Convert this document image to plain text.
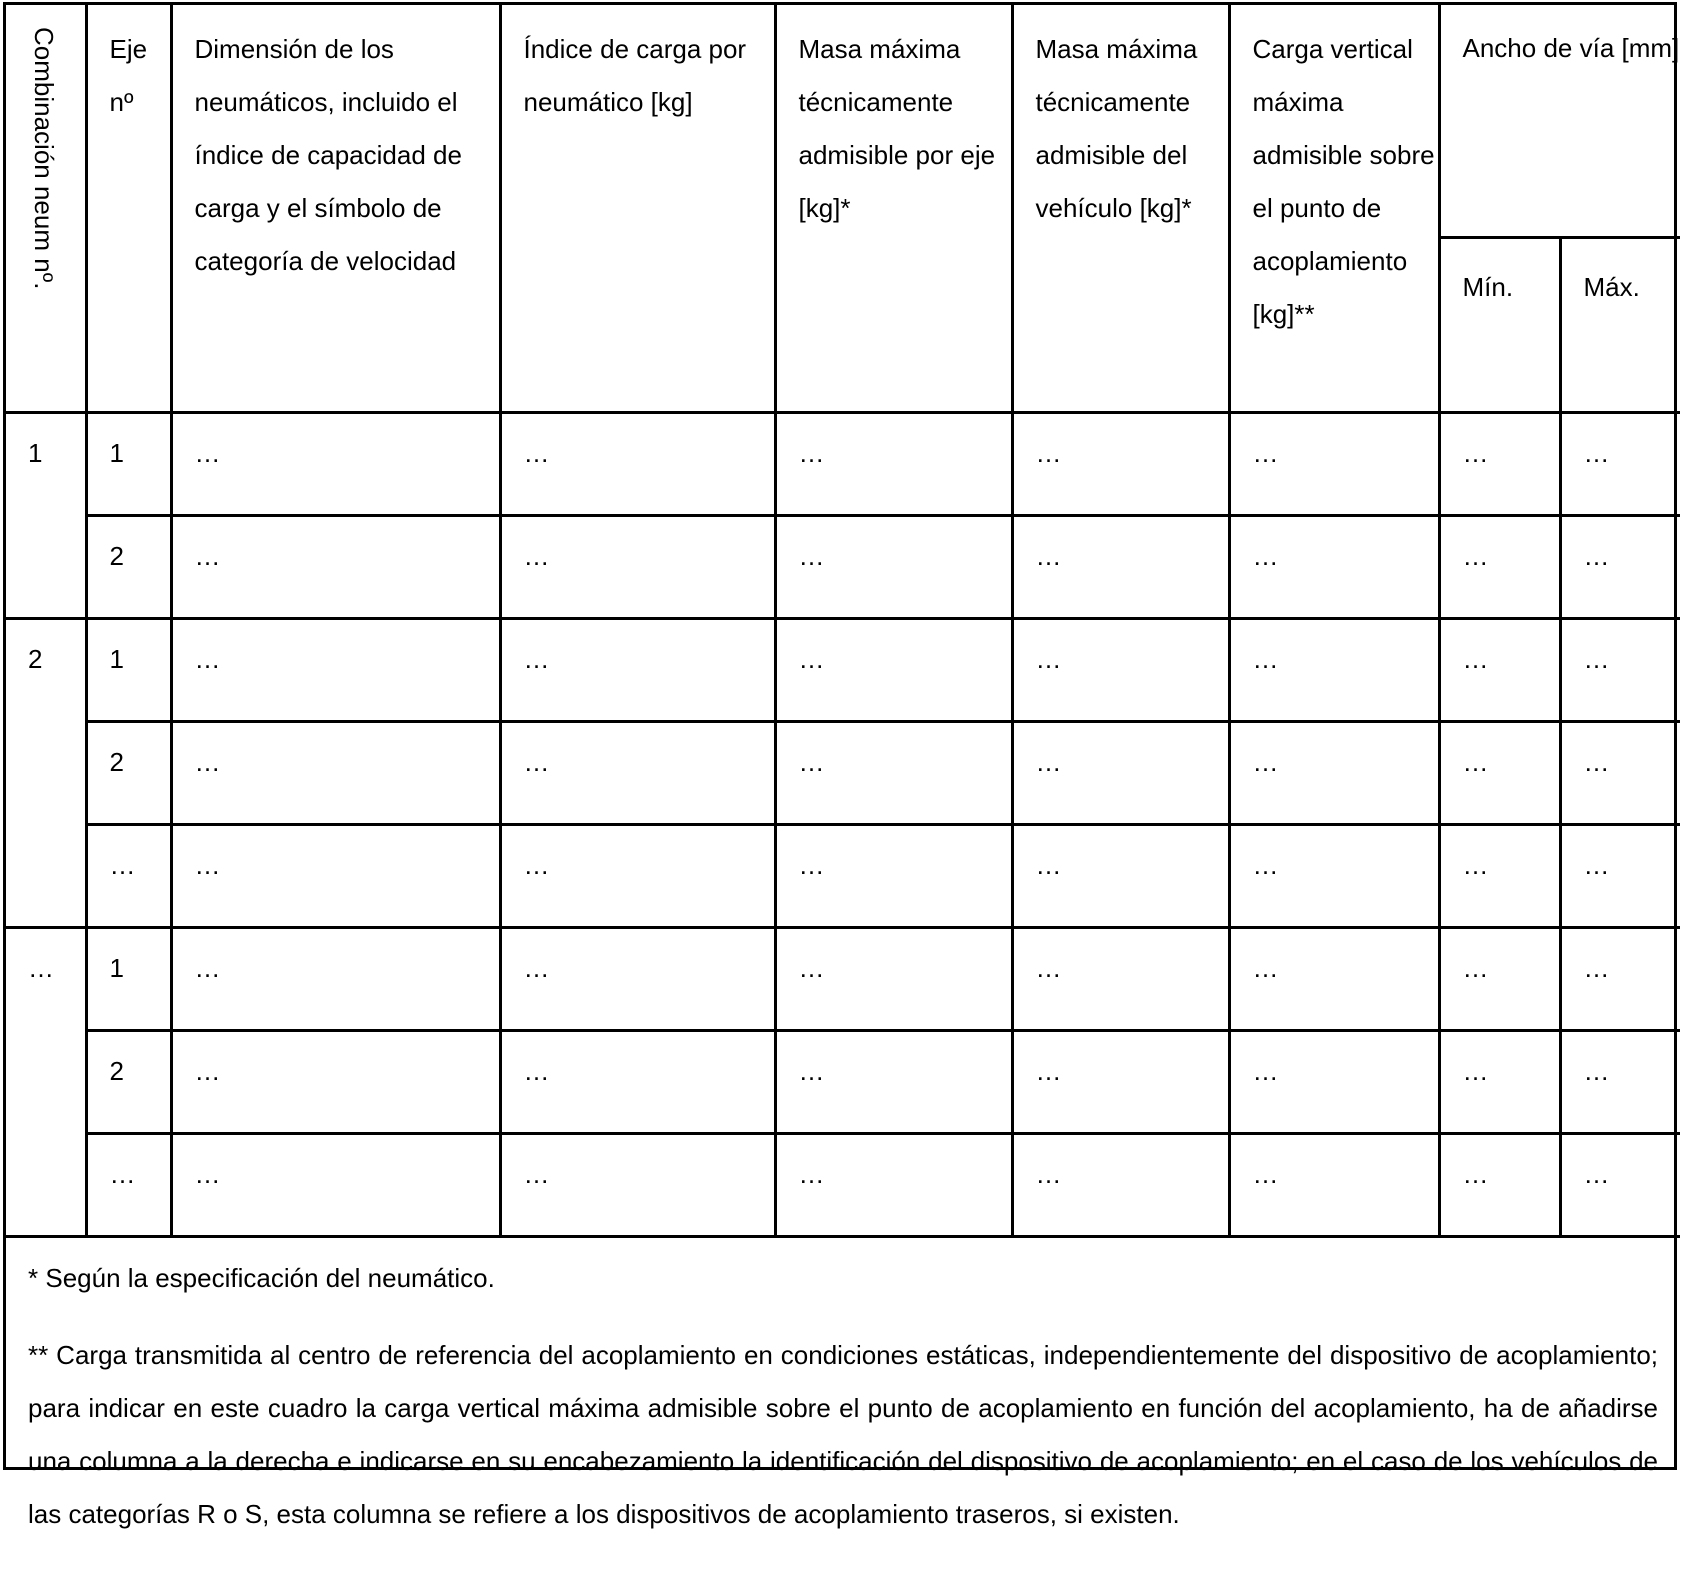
Combinación neum nº.	Eje nº	Dimensión de los neumáticos, incluido el índice de capacidad de carga y el símbolo de categoría de velocidad	Índice de carga por neumático [kg]	Masa máxima técnicamente admisible por eje [kg]*	Masa máxima técnicamente admisible del vehículo [kg]*	Carga vertical máxima admisible sobre el punto de acoplamiento [kg]**	Ancho de vía [mm]	
							Mín.	Máx.
1	1	…	…	…	…	…	…	…
	2	…	…	…	…	…	…	…
2	1	…	…	…	…	…	…	…
	2	…	…	…	…	…	…	…
	…	…	…	…	…	…	…	…
…	1	…	…	…	…	…	…	…
	2	…	…	…	…	…	…	…
	…	…	…	…	…	…	…	…

* Según la especificación del neumático.

** Carga transmitida al centro de referencia del acoplamiento en condiciones estáticas, independientemente del dispositivo de acoplamiento; para indicar en este cuadro la carga vertical máxima admisible sobre el punto de acoplamiento en función del acoplamiento, ha de añadirse una columna a la derecha e indicarse en su encabezamiento la identificación del dispositivo de acoplamiento; en el caso de los vehículos de las categorías R o S, esta columna se refiere a los dispositivos de acoplamiento traseros, si existen.								
